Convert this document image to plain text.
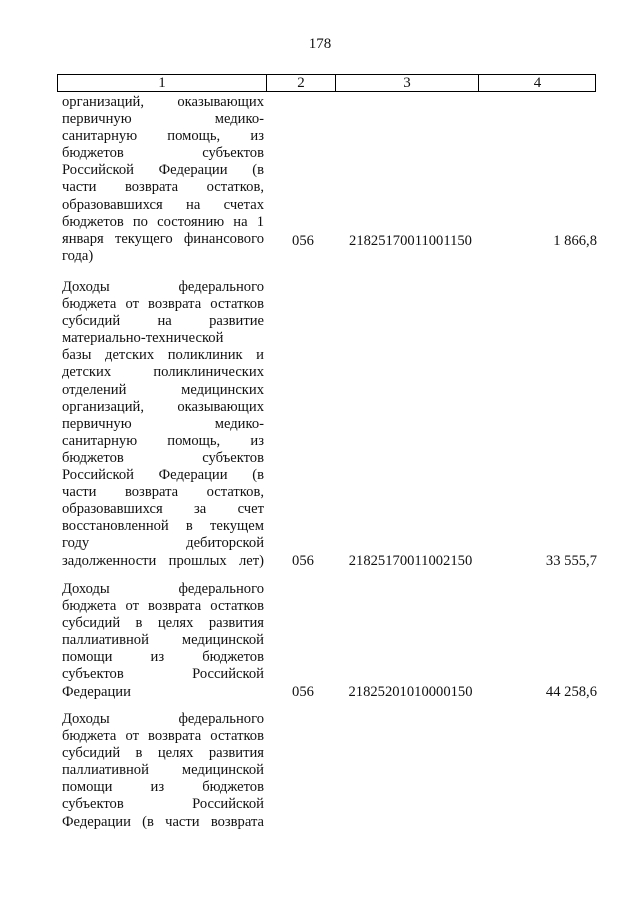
178
1	2	3	4
организаций, оказывающих
первичную медико-
санитарную помощь, из
бюджетов субъектов
Российской Федерации (в
части возврата остатков,
образовавшихся на счетах
бюджетов по состоянию на 1
января текущего финансового
года)
056	21825170011001150	1 866,8
Доходы федерального
бюджета от возврата остатков
субсидий на развитие
материально-технической
базы детских поликлиник и
детских поликлинических
отделений медицинских
организаций, оказывающих
первичную медико-
санитарную помощь, из
бюджетов субъектов
Российской Федерации (в
части возврата остатков,
образовавшихся за счет
восстановленной в текущем
году дебиторской
задолженности прошлых лет)	056	21825170011002150	33 555,7
Доходы федерального
бюджета от возврата остатков
субсидий в целях развития
паллиативной медицинской
помощи из бюджетов
субъектов Российской
Федерации	056	21825201010000150	44 258,6
Доходы федерального
бюджета от возврата остатков
субсидий в целях развития
паллиативной медицинской
помощи из бюджетов
субъектов Российской
Федерации (в части возврата
